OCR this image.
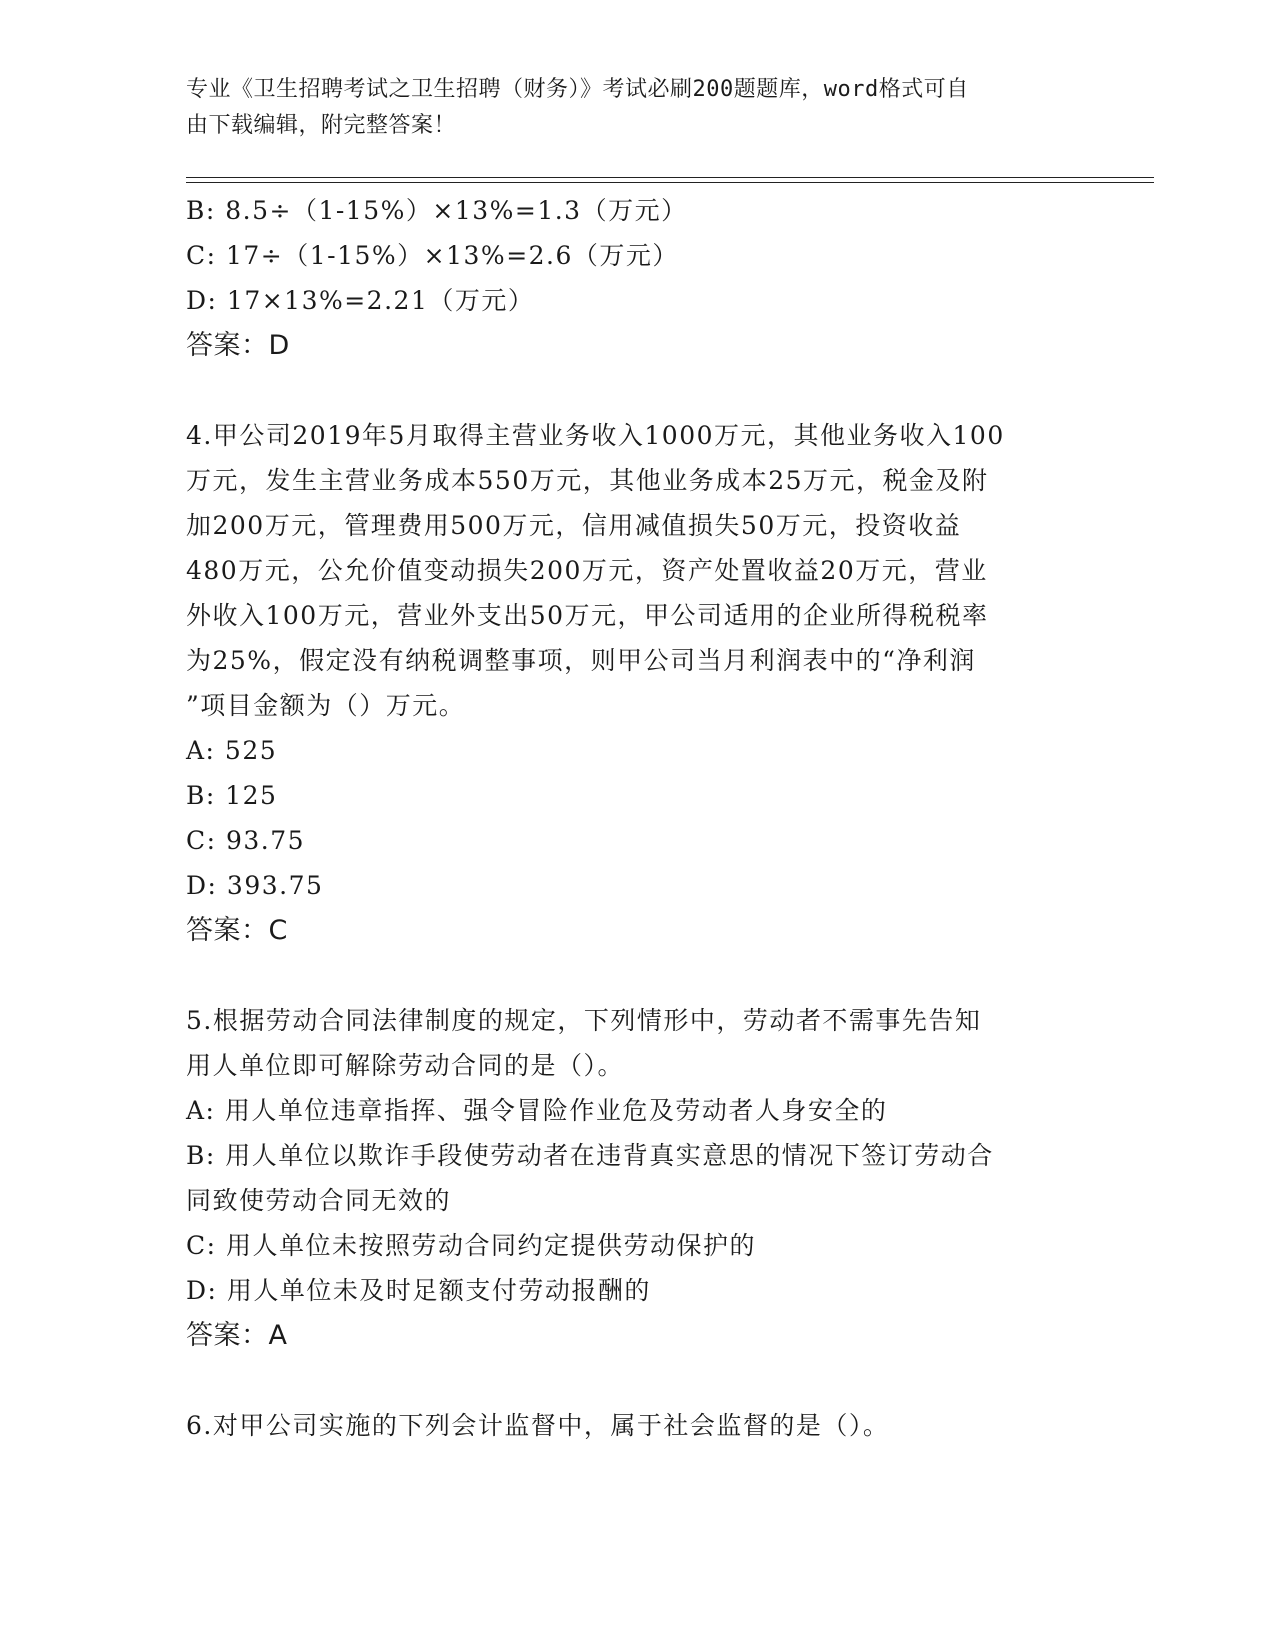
专业《卫生招聘考试之卫生招聘（财务）》考试必刷200题题库，word格式可自
由下载编辑，附完整答案！
B: 8.5÷（1-15%）×13%=1.3（万元）
C: 17÷（1-15%）×13%=2.6（万元）
D: 17×13%=2.21（万元）
答案：D
4.甲公司2019年5月取得主营业务收入1000万元，其他业务收入100
万元，发生主营业务成本550万元，其他业务成本25万元，税金及附
加200万元，管理费用500万元，信用减值损失50万元，投资收益
480万元，公允价值变动损失200万元，资产处置收益20万元，营业
外收入100万元，营业外支出50万元，甲公司适用的企业所得税税率
为25%，假定没有纳税调整事项，则甲公司当月利润表中的“净利润
”项目金额为（）万元。
A: 525
B: 125
C: 93.75
D: 393.75
答案：C
5.根据劳动合同法律制度的规定，下列情形中，劳动者不需事先告知
用人单位即可解除劳动合同的是（）。
A: 用人单位违章指挥、强令冒险作业危及劳动者人身安全的
B: 用人单位以欺诈手段使劳动者在违背真实意思的情况下签订劳动合
同致使劳动合同无效的
C: 用人单位未按照劳动合同约定提供劳动保护的
D: 用人单位未及时足额支付劳动报酬的
答案：A
6.对甲公司实施的下列会计监督中，属于社会监督的是（）。
